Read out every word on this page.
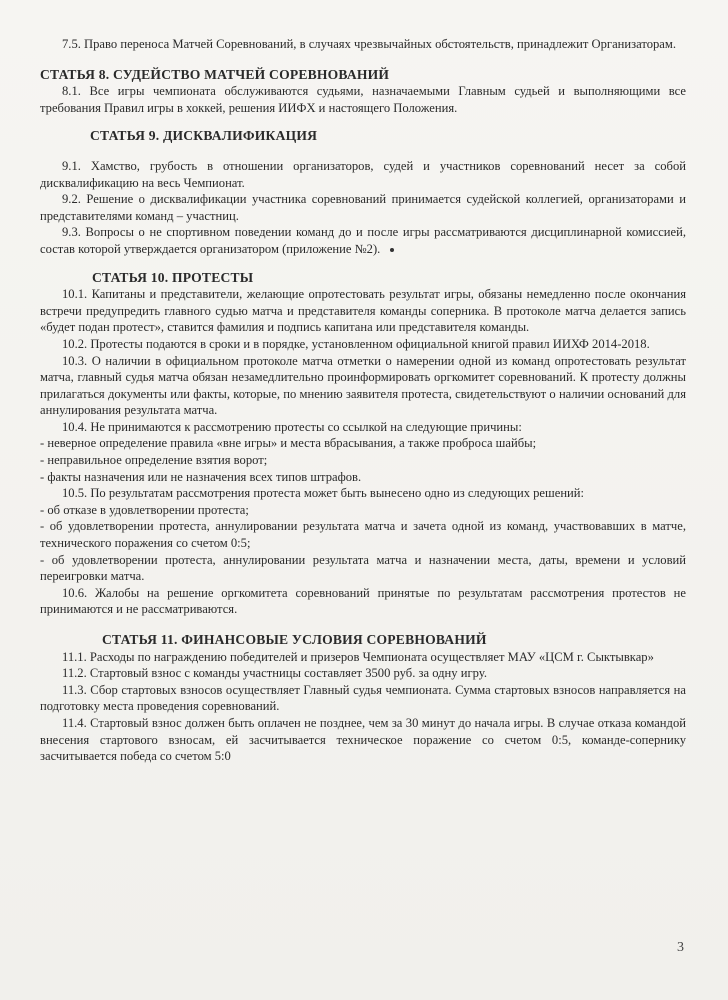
7.5. Право переноса Матчей Соревнований, в случаях чрезвычайных обстоятельств, принадлежит Организаторам.

СТАТЬЯ 8. СУДЕЙСТВО МАТЧЕЙ СОРЕВНОВАНИЙ

8.1. Все игры чемпионата обслуживаются судьями, назначаемыми Главным судьей и выполняющими все требования Правил игры в хоккей, решения ИИФХ и настоящего Положения.

СТАТЬЯ 9. ДИСКВАЛИФИКАЦИЯ

9.1. Хамство, грубость в отношении организаторов, судей и участников соревнований несет за собой дисквалификацию на весь Чемпионат.

9.2. Решение о дисквалификации участника соревнований принимается судейской коллегией, организаторами и представителями команд – участниц.

9.3. Вопросы о не спортивном поведении команд до и после игры рассматриваются дисциплинарной комиссией, состав которой утверждается организатором (приложение №2).

СТАТЬЯ 10. ПРОТЕСТЫ

10.1. Капитаны и представители, желающие опротестовать результат игры, обязаны немедленно после окончания встречи предупредить главного судью матча и представителя команды соперника. В протоколе матча делается запись «будет подан протест», ставится фамилия и подпись капитана или представителя команды.

10.2. Протесты подаются в сроки и в порядке, установленном официальной книгой правил ИИХФ 2014-2018.

10.3. О наличии в официальном протоколе матча отметки о намерении одной из команд опротестовать результат матча, главный судья матча обязан незамедлительно проинформировать оргкомитет соревнований. К протесту должны прилагаться документы или факты, которые, по мнению заявителя протеста, свидетельствуют о наличии оснований для аннулирования результата матча.

10.4. Не принимаются к рассмотрению протесты со ссылкой на следующие причины:

- неверное определение правила «вне игры» и места вбрасывания, а также проброса шайбы;

- неправильное определение взятия ворот;

- факты назначения или не назначения всех типов штрафов.

10.5. По результатам рассмотрения протеста может быть вынесено одно из следующих решений:

- об отказе в удовлетворении протеста;

- об удовлетворении протеста, аннулировании результата матча и зачета одной из команд, участвовавших в матче, технического поражения со счетом 0:5;

- об удовлетворении протеста, аннулировании результата матча и назначении места, даты, времени и условий переигровки матча.

10.6. Жалобы на решение оргкомитета соревнований принятые по результатам рассмотрения протестов не принимаются и не рассматриваются.

СТАТЬЯ 11. ФИНАНСОВЫЕ УСЛОВИЯ СОРЕВНОВАНИЙ

11.1. Расходы по награждению победителей и призеров Чемпионата осуществляет МАУ «ЦСМ г. Сыктывкар»

11.2. Стартовый взнос с команды участницы составляет 3500 руб. за одну игру.

11.3. Сбор стартовых взносов осуществляет Главный судья чемпионата. Сумма стартовых взносов направляется на подготовку места проведения соревнований.

11.4. Стартовый взнос должен быть оплачен не позднее, чем за 30 минут до начала игры. В случае отказа командой внесения стартового взносам, ей засчитывается техническое поражение со счетом 0:5, команде-сопернику засчитывается победа со счетом 5:0

3
